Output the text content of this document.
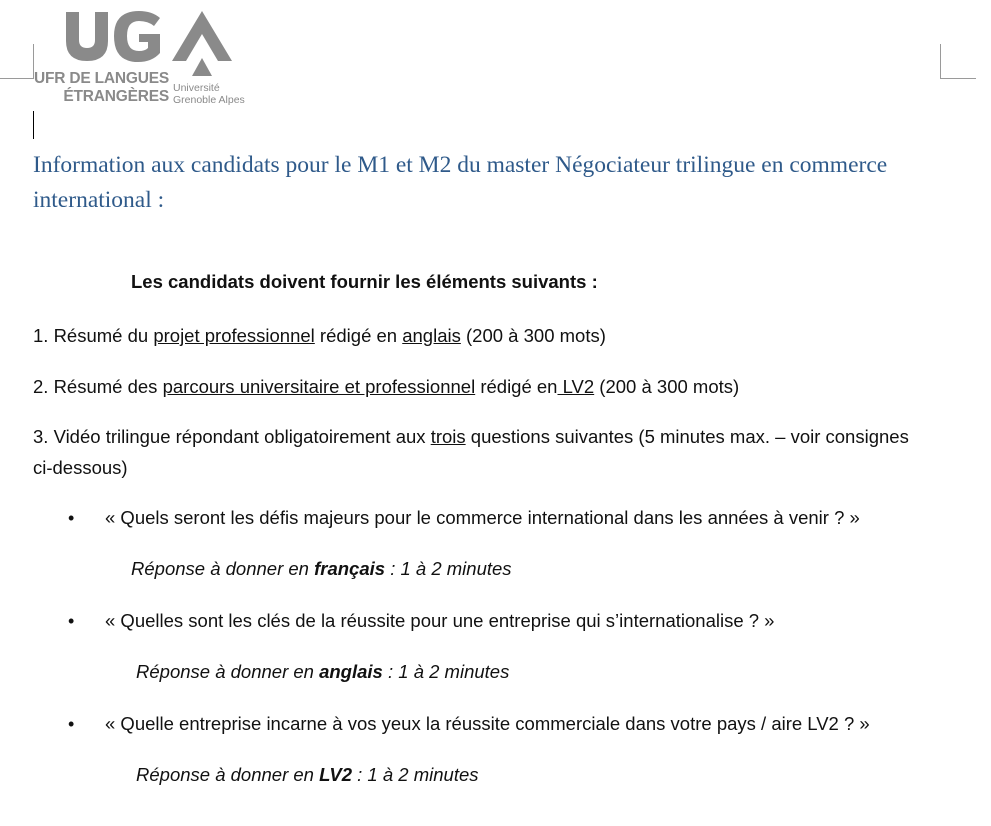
UFR DE LANGUES
ÉTRANGÈRES Université
Grenoble Alpes
Information aux candidats pour le M1 et M2 du master Négociateur trilingue en commerce international :
Les candidats doivent fournir les éléments suivants :
1. Résumé du projet professionnel rédigé en anglais (200 à 300 mots)
2. Résumé des parcours universitaire et professionnel rédigé en LV2 (200 à 300 mots)
3. Vidéo trilingue répondant obligatoirement aux trois questions suivantes (5 minutes max. – voir consignes ci-dessous)
• « Quels seront les défis majeurs pour le commerce international dans les années à venir ? »
Réponse à donner en français : 1 à 2 minutes
• « Quelles sont les clés de la réussite pour une entreprise qui s’internationalise ? »
Réponse à donner en anglais : 1 à 2 minutes
• « Quelle entreprise incarne à vos yeux la réussite commerciale dans votre pays / aire LV2 ? »
Réponse à donner en LV2 : 1 à 2 minutes
